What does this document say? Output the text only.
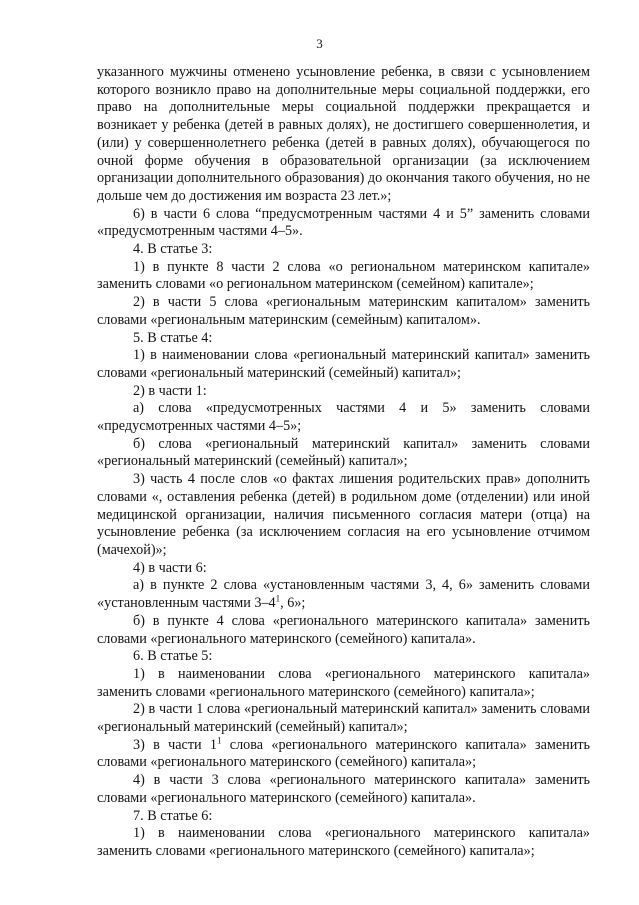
3

указанного мужчины отменено усыновление ребенка, в связи с усыновлением которого возникло право на дополнительные меры социальной поддержки, его право на дополнительные меры социальной поддержки прекращается и возникает у ребенка (детей в равных долях), не достигшего совершеннолетия, и (или) у совершеннолетнего ребенка (детей в равных долях), обучающегося по очной форме обучения в образовательной организации (за исключением организации дополнительного образования) до окончания такого обучения, но не дольше чем до достижения им возраста 23 лет.»;

6) в части 6 слова “предусмотренным частями 4 и 5” заменить словами «предусмотренным частями 4–5».

4. В статье 3:

1) в пункте 8 части 2 слова «о региональном материнском капитале» заменить словами «о региональном материнском (семейном) капитале»;

2) в части 5 слова «региональным материнским капиталом» заменить словами «региональным материнским (семейным) капиталом».

5. В статье 4:

1) в наименовании слова «региональный материнский капитал» заменить словами «региональный материнский (семейный) капитал»;

2) в части 1:

а) слова «предусмотренных частями 4 и 5» заменить словами «предусмотренных частями 4–5»;

б) слова «региональный материнский капитал» заменить словами «региональный материнский (семейный) капитал»;

3) часть 4 после слов «о фактах лишения родительских прав» дополнить словами «, оставления ребенка (детей) в родильном доме (отделении) или иной медицинской организации, наличия письменного согласия матери (отца) на усыновление ребенка (за исключением согласия на его усыновление отчимом (мачехой)»;

4) в части 6:

а) в пункте 2 слова «установленным частями 3, 4, 6» заменить словами «установленным частями $3-4^1$, 6»;

б) в пункте 4 слова «регионального материнского капитала» заменить словами «регионального материнского (семейного) капитала».

6. В статье 5:

1) в наименовании слова «регионального материнского капитала» заменить словами «регионального материнского (семейного) капитала»;

2) в части 1 слова «региональный материнский капитал» заменить словами «региональный материнский (семейный) капитал»;

3) в части $1^1$ слова «регионального материнского капитала» заменить словами «регионального материнского (семейного) капитала»;

4) в части 3 слова «регионального материнского капитала» заменить словами «регионального материнского (семейного) капитала».

7. В статье 6:

1) в наименовании слова «регионального материнского капитала» заменить словами «регионального материнского (семейного) капитала»;
